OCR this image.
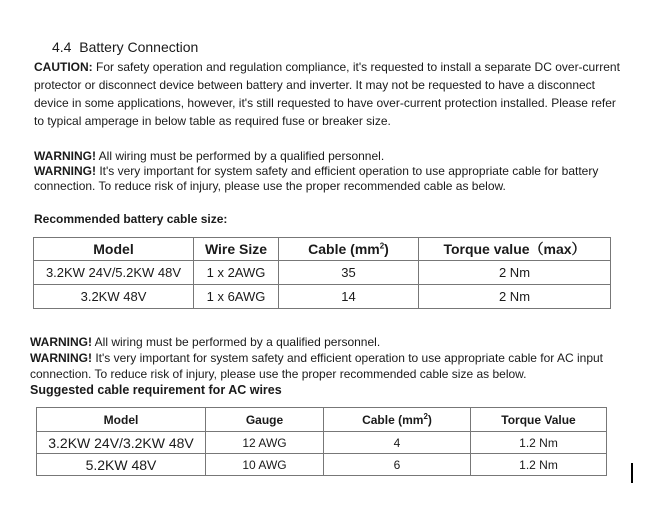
4.4 Battery Connection
CAUTION: For safety operation and regulation compliance, it's requested to install a separate DC over-current
protector or disconnect device between battery and inverter. It may not be requested to have a disconnect
device in some applications, however, it's still requested to have over-current protection installed. Please refer
to typical amperage in below table as required fuse or breaker size.
WARNING! All wiring must be performed by a qualified personnel.
WARNING! It's very important for system safety and efficient operation to use appropriate cable for battery
connection. To reduce risk of injury, please use the proper recommended cable as below.
Recommended battery cable size:
Model	Wire Size	Cable $(mm^2)$	Torque value（max）
3.2KW 24V/5.2KW 48V	1 x 2AWG	35	2 Nm
3.2KW 48V	1 x 6AWG	14	2 Nm
WARNING! All wiring must be performed by a qualified personnel.
WARNING! It's very important for system safety and efficient operation to use appropriate cable for AC input
connection. To reduce risk of injury, please use the proper recommended cable size as below.
Suggested cable requirement for AC wires
Model	Gauge	Cable $(mm^2)$	Torque Value
3.2KW 24V/3.2KW 48V	12 AWG	4	1.2 Nm
5.2KW 48V	10 AWG	6	1.2 Nm
